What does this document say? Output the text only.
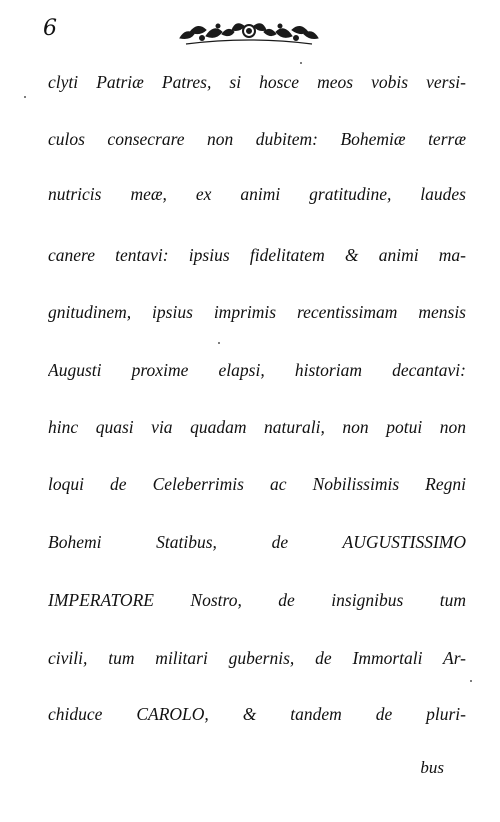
6
clyti Patriæ Patres, si hosce meos vobis versi-
culos consecrare non dubitem: Bohemiæ terræ
nutricis meæ, ex animi gratitudine, laudes
canere tentavi: ipsius fidelitatem & animi ma-
gnitudinem, ipsius imprimis recentissimam mensis
Augusti proxime elapsi, historiam decantavi:
hinc quasi via quadam naturali, non potui non
loqui de Celeberrimis ac Nobilissimis Regni
Bohemi Statibus, de AUGUSTISSIMO
IMPERATORE Nostro, de insignibus tum
civili, tum militari gubernis, de Immortali Ar-
chiduce CAROLO, & tandem de pluri-
bus
